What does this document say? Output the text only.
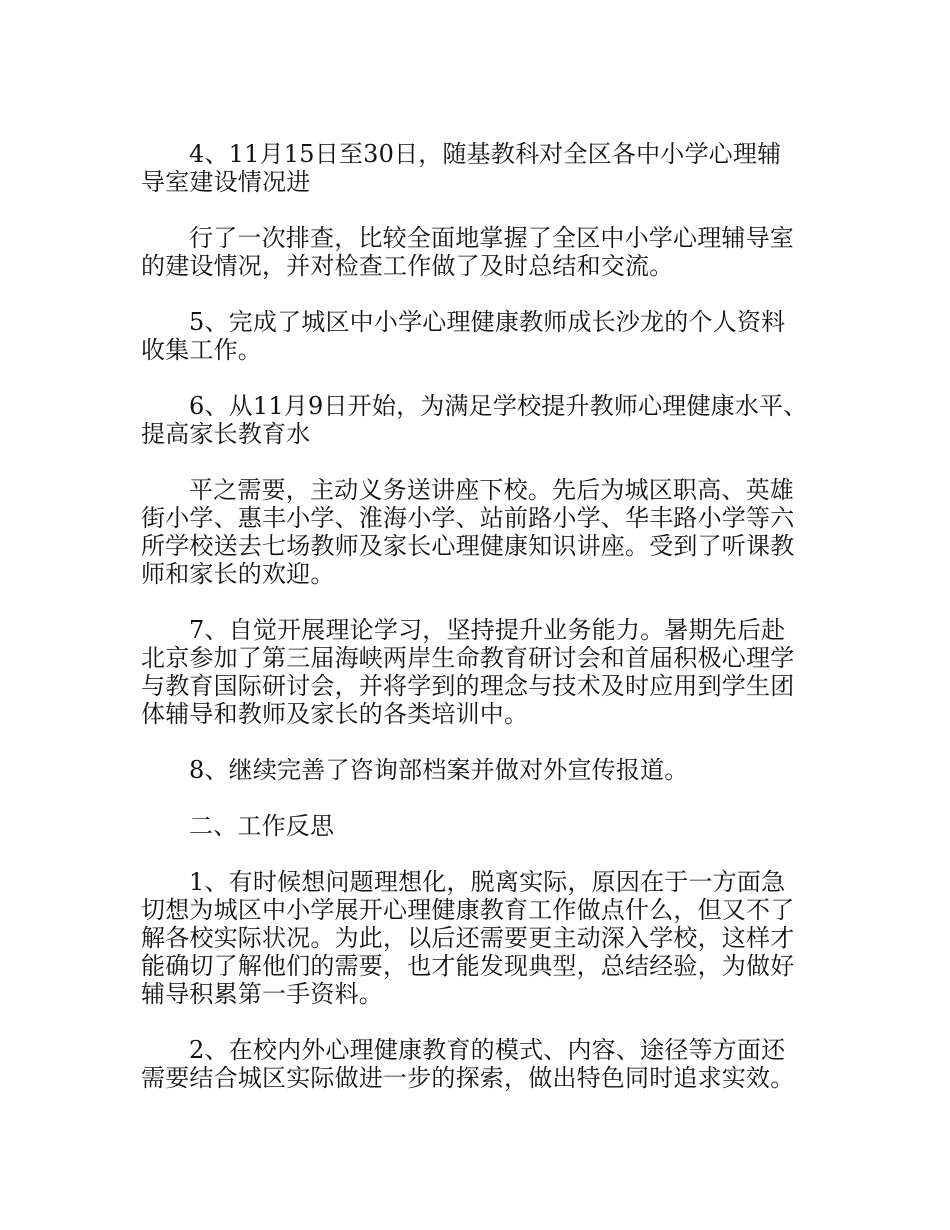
4、11月15日至30日，随基教科对全区各中小学心理辅
导室建设情况进

行了一次排查，比较全面地掌握了全区中小学心理辅导室的建设情况，并对检查工作做了及时总结和交流。

5、完成了城区中小学心理健康教师成长沙龙的个人资料
收集工作。

6、从11月9日开始，为满足学校提升教师心理健康水平、
提高家长教育水

平之需要，主动义务送讲座下校。先后为城区职高、英雄街小学、惠丰小学、淮海小学、站前路小学、华丰路小学等六所学校送去七场教师及家长心理健康知识讲座。受到了听课教师和家长的欢迎。

7、自觉开展理论学习，坚持提升业务能力。暑期先后赴北京参加了第三届海峡两岸生命教育研讨会和首届积极心理学与教育国际研讨会，并将学到的理念与技术及时应用到学生团体辅导和教师及家长的各类培训中。

8、继续完善了咨询部档案并做对外宣传报道。

二、工作反思

1、有时候想问题理想化，脱离实际，原因在于一方面急切想为城区中小学展开心理健康教育工作做点什么，但又不了解各校实际状况。为此，以后还需要更主动深入学校，这样才能确切了解他们的需要，也才能发现典型，总结经验，为做好辅导积累第一手资料。

2、在校内外心理健康教育的模式、内容、途径等方面还需要结合城区实际做进一步的探索，做出特色同时追求实效。
